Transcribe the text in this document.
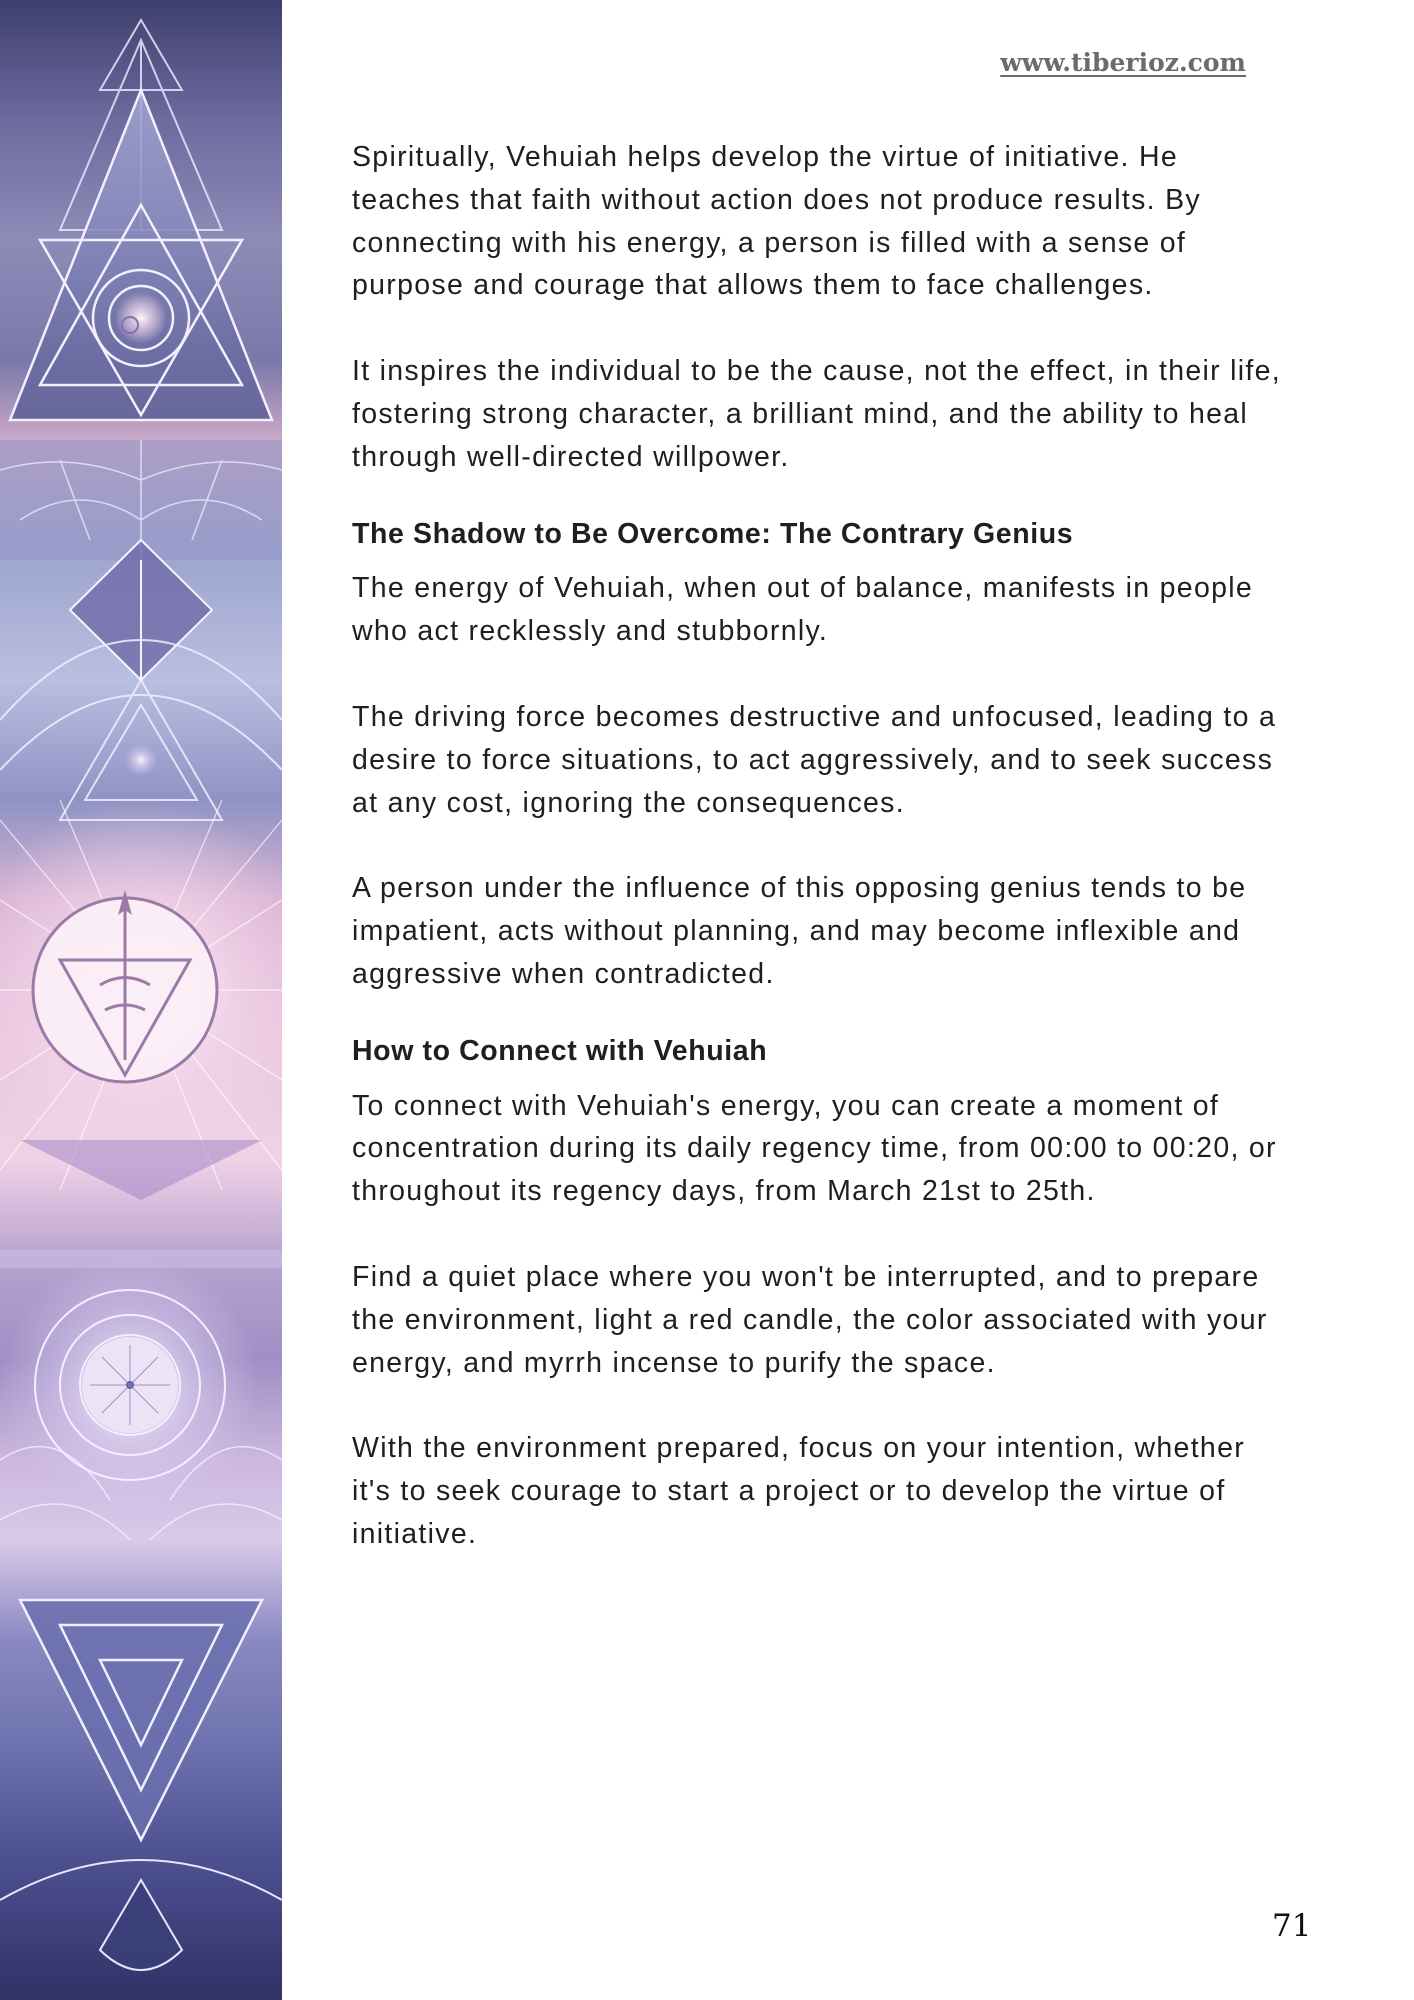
www.tiberioz.com

Spiritually, Vehuiah helps develop the virtue of initiative. He teaches that faith without action does not produce results. By connecting with his energy, a person is filled with a sense of purpose and courage that allows them to face challenges.

It inspires the individual to be the cause, not the effect, in their life, fostering strong character, a brilliant mind, and the ability to heal through well-directed willpower.

The Shadow to Be Overcome: The Contrary Genius

The energy of Vehuiah, when out of balance, manifests in people who act recklessly and stubbornly.

The driving force becomes destructive and unfocused, leading to a desire to force situations, to act aggressively, and to seek success at any cost, ignoring the consequences.

A person under the influence of this opposing genius tends to be impatient, acts without planning, and may become inflexible and aggressive when contradicted.

How to Connect with Vehuiah

To connect with Vehuiah's energy, you can create a moment of concentration during its daily regency time, from 00:00 to 00:20, or throughout its regency days, from March 21st to 25th.

Find a quiet place where you won't be interrupted, and to prepare the environment, light a red candle, the color associated with your energy, and myrrh incense to purify the space.

With the environment prepared, focus on your intention, whether it's to seek courage to start a project or to develop the virtue of initiative.

71
